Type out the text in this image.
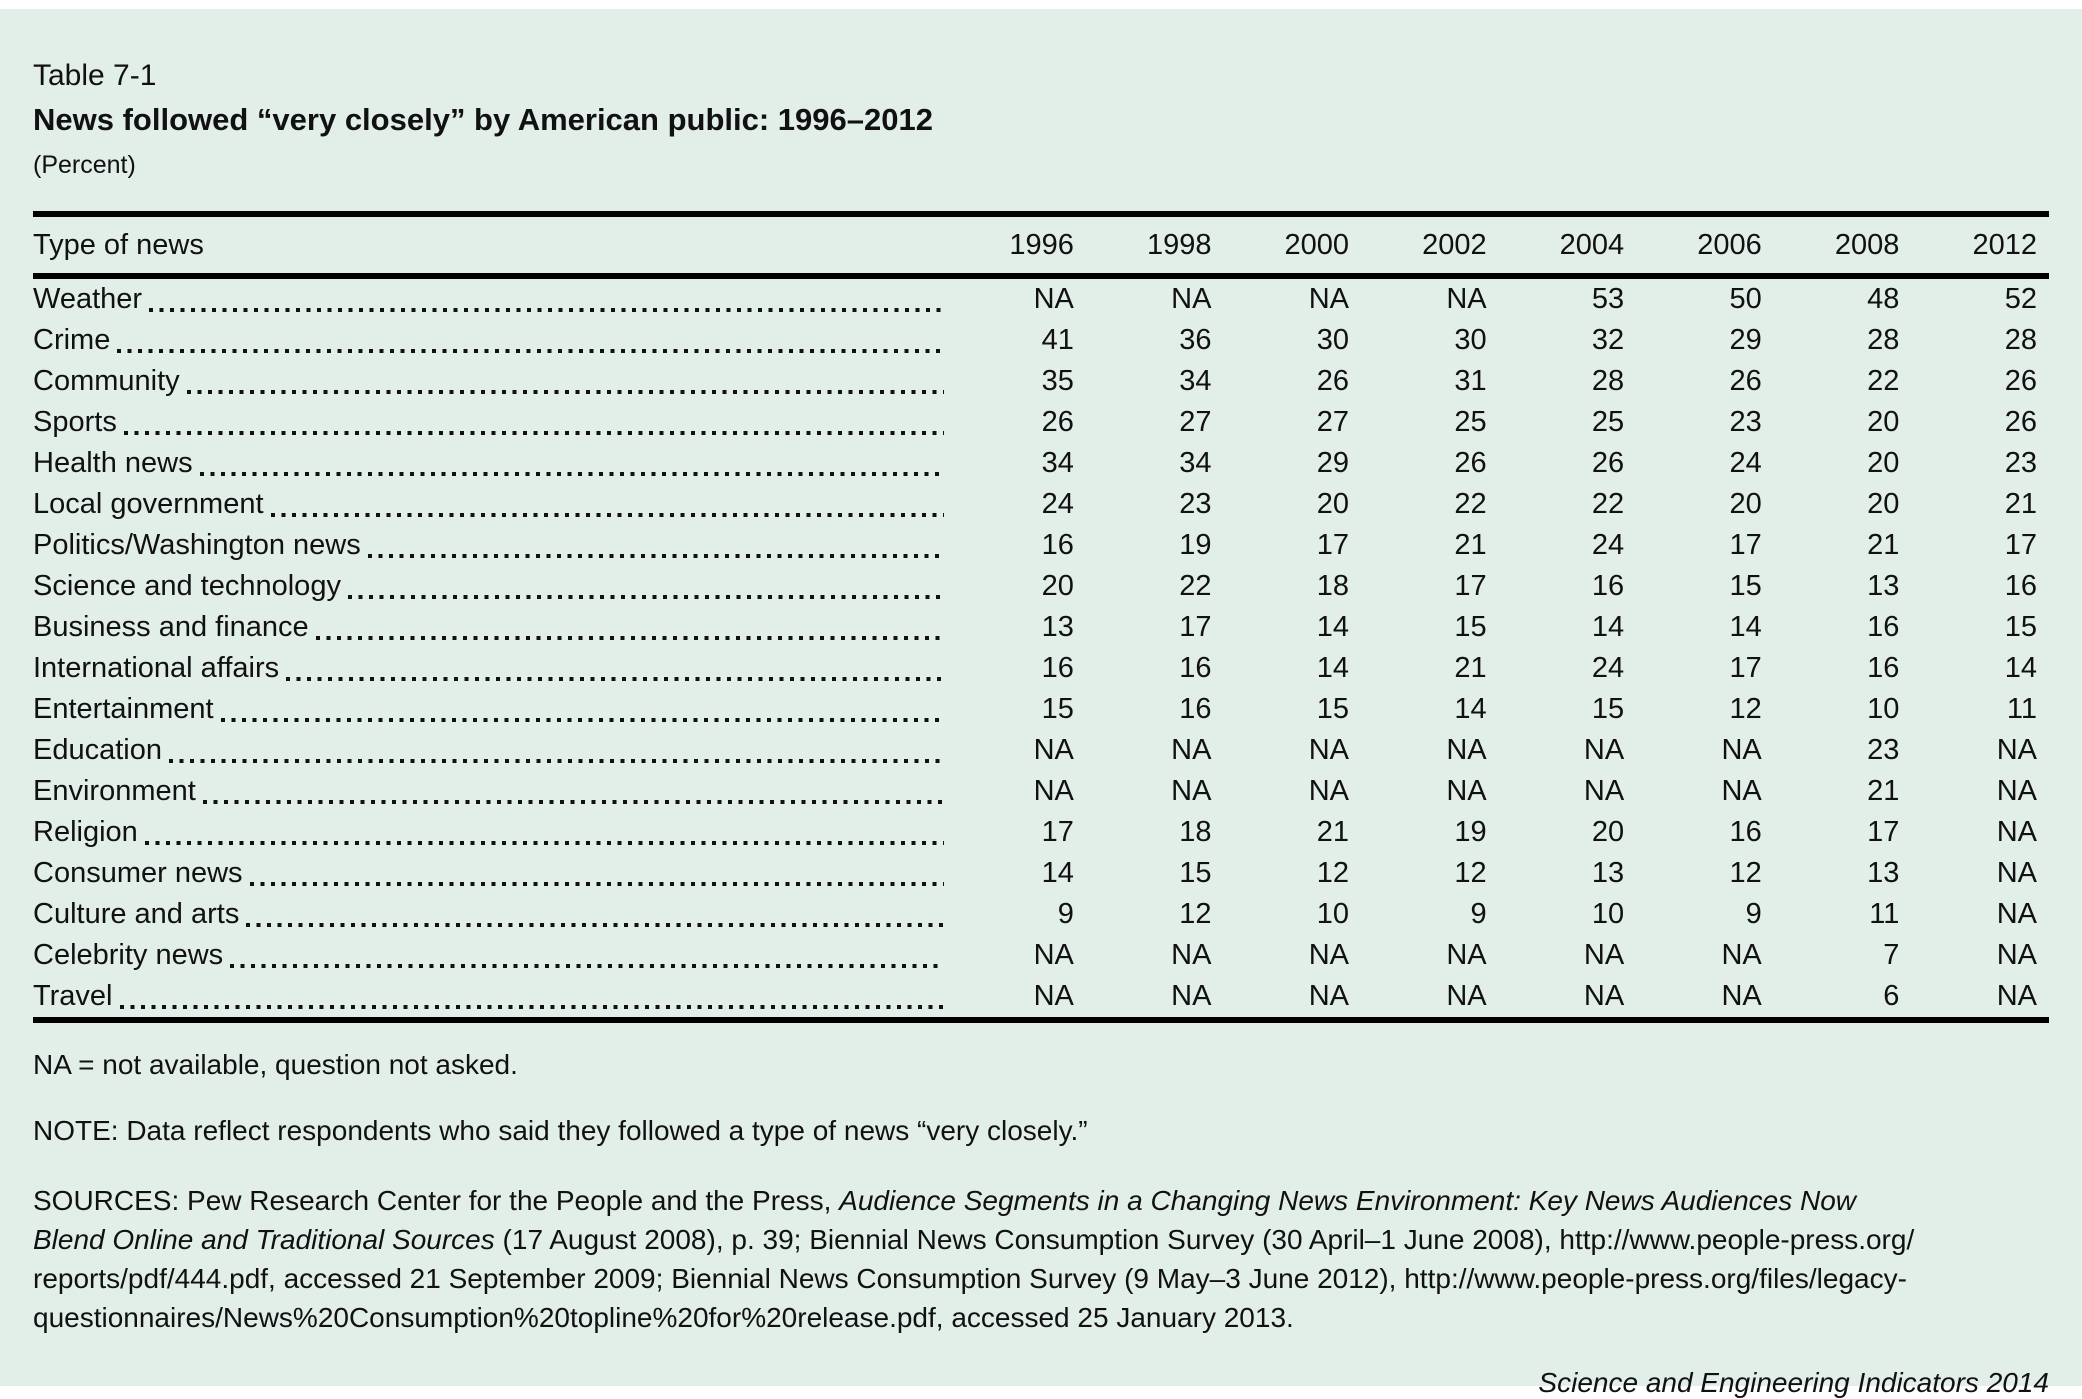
Table 7-1
News followed “very closely” by American public: 1996–2012
(Percent)
Type of news	1996	1998	2000	2002	2004	2006	2008	2012

Weather	NA	NA	NA	NA	53	50	48	52

Crime	41	36	30	30	32	29	28	28

Community	35	34	26	31	28	26	22	26

Sports	26	27	27	25	25	23	20	26

Health news	34	34	29	26	26	24	20	23

Local government	24	23	20	22	22	20	20	21

Politics/Washington news	16	19	17	21	24	17	21	17

Science and technology	20	22	18	17	16	15	13	16

Business and finance	13	17	14	15	14	14	16	15

International affairs	16	16	14	21	24	17	16	14

Entertainment	15	16	15	14	15	12	10	11

Education	NA	NA	NA	NA	NA	NA	23	NA

Environment	NA	NA	NA	NA	NA	NA	21	NA

Religion	17	18	21	19	20	16	17	NA

Consumer news	14	15	12	12	13	12	13	NA

Culture and arts	9	12	10	9	10	9	11	NA

Celebrity news	NA	NA	NA	NA	NA	NA	7	NA

Travel	NA	NA	NA	NA	NA	NA	6	NA
NA = not available, question not asked.
NOTE: Data reflect respondents who said they followed a type of news “very closely.”
SOURCES: Pew Research Center for the People and the Press, Audience Segments in a Changing News Environment: Key News Audiences Now
Blend Online and Traditional Sources (17 August 2008), p. 39; Biennial News Consumption Survey (30 April–1 June 2008), http://www.people-press.org/
reports/pdf/444.pdf, accessed 21 September 2009; Biennial News Consumption Survey (9 May–3 June 2012), http://www.people-press.org/files/legacy-
questionnaires/News%20Consumption%20topline%20for%20release.pdf, accessed 25 January 2013.
Science and Engineering Indicators 2014
